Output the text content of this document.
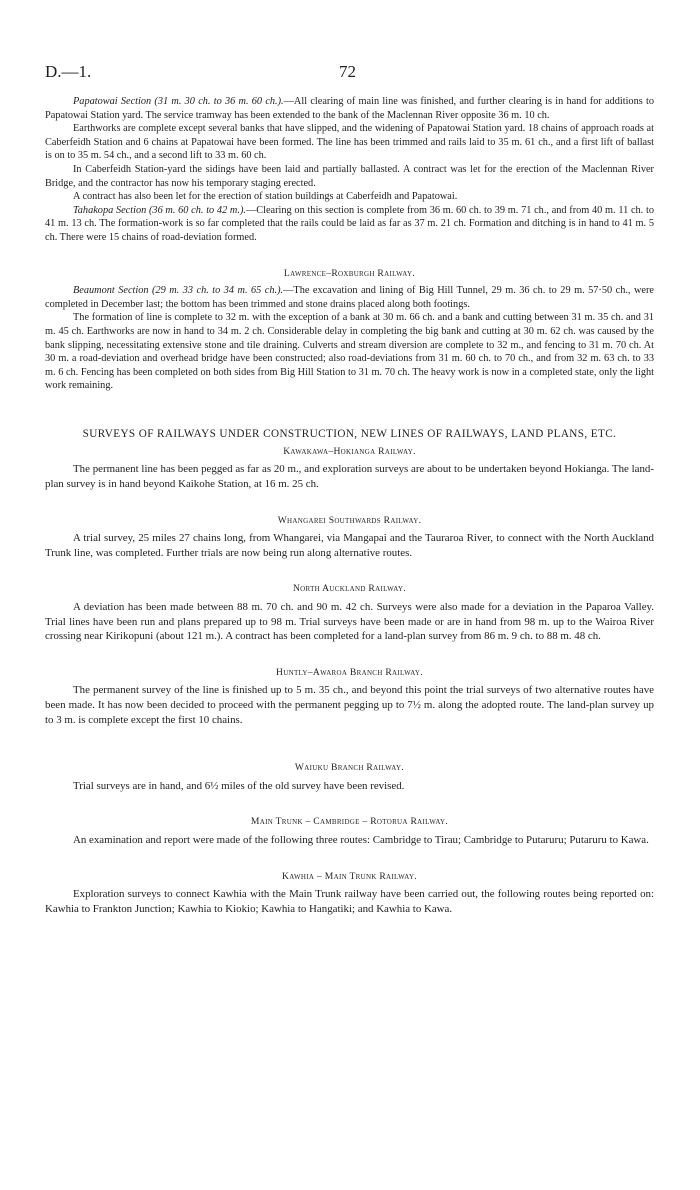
D.—1.	72

Papatowai Section (31 m. 30 ch. to 36 m. 60 ch.).—All clearing of main line was finished, and further clearing is in hand for additions to Papatowai Station yard. The service tramway has been extended to the bank of the Maclennan River opposite 36 m. 10 ch.

Earthworks are complete except several banks that have slipped, and the widening of Papatowai Station yard. 18 chains of approach roads at Caberfeidh Station and 6 chains at Papatowai have been formed. The line has been trimmed and rails laid to 35 m. 61 ch., and a first lift of ballast is on to 35 m. 54 ch., and a second lift to 33 m. 60 ch.

In Caberfeidh Station-yard the sidings have been laid and partially ballasted. A contract was let for the erection of the Maclennan River Bridge, and the contractor has now his temporary staging erected.

A contract has also been let for the erection of station buildings at Caberfeidh and Papatowai.

Tahakopa Section (36 m. 60 ch. to 42 m.).—Clearing on this section is complete from 36 m. 60 ch. to 39 m. 71 ch., and from 40 m. 11 ch. to 41 m. 13 ch. The formation-work is so far completed that the rails could be laid as far as 37 m. 21 ch. Formation and ditching is in hand to 41 m. 5 ch. There were 15 chains of road-deviation formed.

Lawrence–Roxburgh Railway.

Beaumont Section (29 m. 33 ch. to 34 m. 65 ch.).—The excavation and lining of Big Hill Tunnel, 29 m. 36 ch. to 29 m. 57·50 ch., were completed in December last; the bottom has been trimmed and stone drains placed along both footings.

The formation of line is complete to 32 m. with the exception of a bank at 30 m. 66 ch. and a bank and cutting between 31 m. 35 ch. and 31 m. 45 ch. Earthworks are now in hand to 34 m. 2 ch. Considerable delay in completing the big bank and cutting at 30 m. 62 ch. was caused by the bank slipping, necessitating extensive stone and tile draining. Culverts and stream diversion are complete to 32 m., and fencing to 31 m. 70 ch. At 30 m. a road-deviation and overhead bridge have been constructed; also road-deviations from 31 m. 60 ch. to 70 ch., and from 32 m. 63 ch. to 33 m. 6 ch. Fencing has been completed on both sides from Big Hill Station to 31 m. 70 ch. The heavy work is now in a completed state, only the light work remaining.

SURVEYS OF RAILWAYS UNDER CONSTRUCTION, NEW LINES OF RAILWAYS, LAND PLANS, ETC.

Kawakawa–Hokianga Railway.

The permanent line has been pegged as far as 20 m., and exploration surveys are about to be undertaken beyond Hokianga. The land-plan survey is in hand beyond Kaikohe Station, at 16 m. 25 ch.

Whangarei Southwards Railway.

A trial survey, 25 miles 27 chains long, from Whangarei, via Mangapai and the Tauraroa River, to connect with the North Auckland Trunk line, was completed. Further trials are now being run along alternative routes.

North Auckland Railway.

A deviation has been made between 88 m. 70 ch. and 90 m. 42 ch. Surveys were also made for a deviation in the Paparoa Valley. Trial lines have been run and plans prepared up to 98 m. Trial surveys have been made or are in hand from 98 m. up to the Wairoa River crossing near Kirikopuni (about 121 m.). A contract has been completed for a land-plan survey from 86 m. 9 ch. to 88 m. 48 ch.

Huntly–Awaroa Branch Railway.

The permanent survey of the line is finished up to 5 m. 35 ch., and beyond this point the trial surveys of two alternative routes have been made. It has now been decided to proceed with the permanent pegging up to 7½ m. along the adopted route. The land-plan survey up to 3 m. is complete except the first 10 chains.

Waiuku Branch Railway.

Trial surveys are in hand, and 6½ miles of the old survey have been revised.

Main Trunk – Cambridge – Rotorua Railway.

An examination and report were made of the following three routes: Cambridge to Tirau; Cambridge to Putaruru; Putaruru to Kawa.

Kawhia – Main Trunk Railway.

Exploration surveys to connect Kawhia with the Main Trunk railway have been carried out, the following routes being reported on: Kawhia to Frankton Junction; Kawhia to Kiokio; Kawhia to Hangatiki; and Kawhia to Kawa.
